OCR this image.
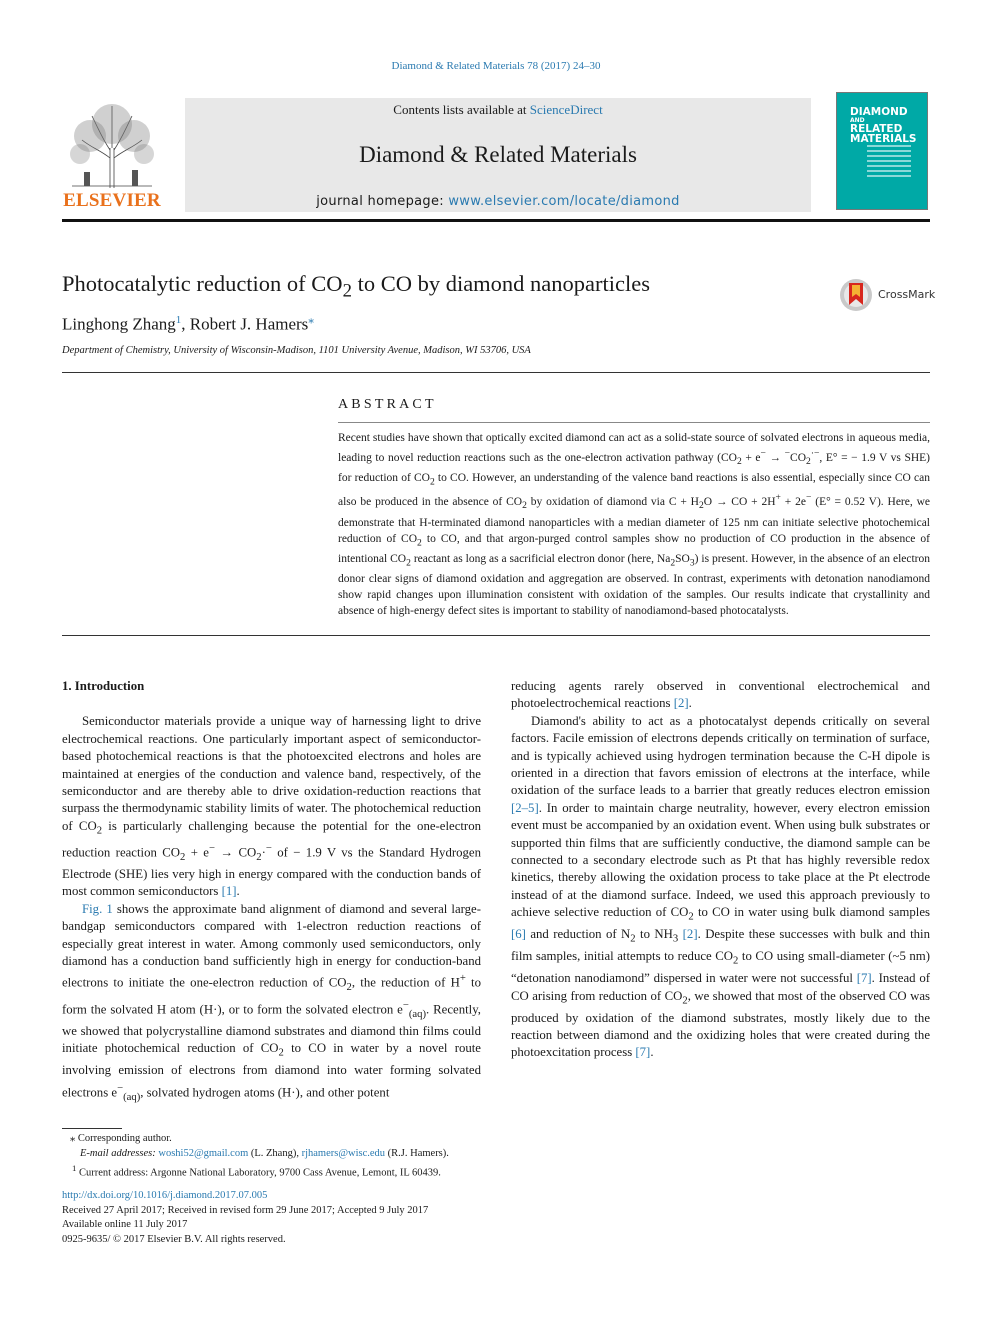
Diamond & Related Materials 78 (2017) 24–30
ELSEVIER
Contents lists available at ScienceDirect
Diamond & Related Materials
journal homepage: www.elsevier.com/locate/diamond
DIAMOND
AND
RELATED
MATERIALS
Photocatalytic reduction of $CO_2$ to CO by diamond nanoparticles	CrossMark
Linghong Zhang$^1$, Robert J. Hamers⁎
Department of Chemistry, University of Wisconsin-Madison, 1101 University Avenue, Madison, WI 53706, USA
ABSTRACT
Recent studies have shown that optically excited diamond can act as a solid-state source of solvated electrons in aqueous media, leading to novel reduction reactions such as the one-electron activation pathway ($CO_2 + e^- \to ^-CO_2^{\cdot-}$, E° = − 1.9 V vs SHE) for reduction of $CO_2$ to CO. However, an understanding of the valence band reactions is also essential, especially since CO can also be produced in the absence of $CO_2$ by oxidation of diamond via $C + H_2O$ → CO + 2H+ + 2e− (E° = 0.52 V). Here, we demonstrate that H-terminated diamond nanoparticles with a median diameter of 125 nm can initiate selective photochemical reduction of $CO_2$ to CO, and that argon-purged control samples show no production of CO production in the absence of intentional $CO_2$ reactant as long as a sacrificial electron donor (here, $Na_2SO_3$) is present. However, in the absence of an electron donor clear signs of diamond oxidation and aggregation are observed. In contrast, experiments with detonation nanodiamond show rapid changes upon illumination consistent with oxidation of the samples. Our results indicate that crystallinity and absence of high-energy defect sites is important to stability of nanodiamond-based photocatalysts.
1. Introduction

Semiconductor materials provide a unique way of harnessing light to drive electrochemical reactions. One particularly important aspect of semiconductor-based photochemical reactions is that the photoexcited electrons and holes are maintained at energies of the conduction and valence band, respectively, of the semiconductor and are thereby able to drive oxidation-reduction reactions that surpass the thermodynamic stability limits of water. The photochemical reduction of $CO_2$ is particularly challenging because the potential for the one-electron reduction reaction $CO_2 + e^- \to CO_2\cdot^-$ of − 1.9 V vs the Standard Hydrogen Electrode (SHE) lies very high in energy compared with the conduction bands of most common semiconductors [1].

Fig. 1 shows the approximate band alignment of diamond and several large-bandgap semiconductors compared with 1-electron reduction reactions of especially great interest in water. Among commonly used semiconductors, only diamond has a conduction band sufficiently high in energy for conduction-band electrons to initiate the one-electron reduction of $CO_2$, the reduction of H+ to form the solvated H atom (H·), or to form the solvated electron $e^-_{(aq)}$. Recently, we showed that polycrystalline diamond substrates and diamond thin films could initiate photochemical reduction of $CO_2$ to CO in water by a novel route involving emission of electrons from diamond into water forming solvated electrons $e^-_{(aq)}$, solvated hydrogen atoms (H·), and other potent

reducing agents rarely observed in conventional electrochemical and photoelectrochemical reactions [2].

Diamond's ability to act as a photocatalyst depends critically on several factors. Facile emission of electrons depends critically on termination of surface, and is typically achieved using hydrogen termination because the C-H dipole is oriented in a direction that favors emission of electrons at the interface, while oxidation of the surface leads to a barrier that greatly reduces electron emission [2–5]. In order to maintain charge neutrality, however, every electron emission event must be accompanied by an oxidation event. When using bulk substrates or supported thin films that are sufficiently conductive, the diamond sample can be connected to a secondary electrode such as Pt that has highly reversible redox kinetics, thereby allowing the oxidation process to take place at the Pt electrode instead of at the diamond surface. Indeed, we used this approach previously to achieve selective reduction of $CO_2$ to CO in water using bulk diamond samples [6] and reduction of $N_2$ to $NH_3$ [2]. Despite these successes with bulk and thin film samples, initial attempts to reduce $CO_2$ to CO using small-diameter (~5 nm) “detonation nanodiamond” dispersed in water were not successful [7]. Instead of CO arising from reduction of $CO_2$, we showed that most of the observed CO was produced by oxidation of the diamond substrates, mostly likely due to the reaction between diamond and the oxidizing holes that were created during the photoexcitation process [7].

⁎ Corresponding author.
E-mail addresses: woshi52@gmail.com (L. Zhang), rjhamers@wisc.edu (R.J. Hamers).
$^1$ Current address: Argonne National Laboratory, 9700 Cass Avenue, Lemont, IL 60439.
http://dx.doi.org/10.1016/j.diamond.2017.07.005
Received 27 April 2017; Received in revised form 29 June 2017; Accepted 9 July 2017
Available online 11 July 2017
0925-9635/ © 2017 Elsevier B.V. All rights reserved.
